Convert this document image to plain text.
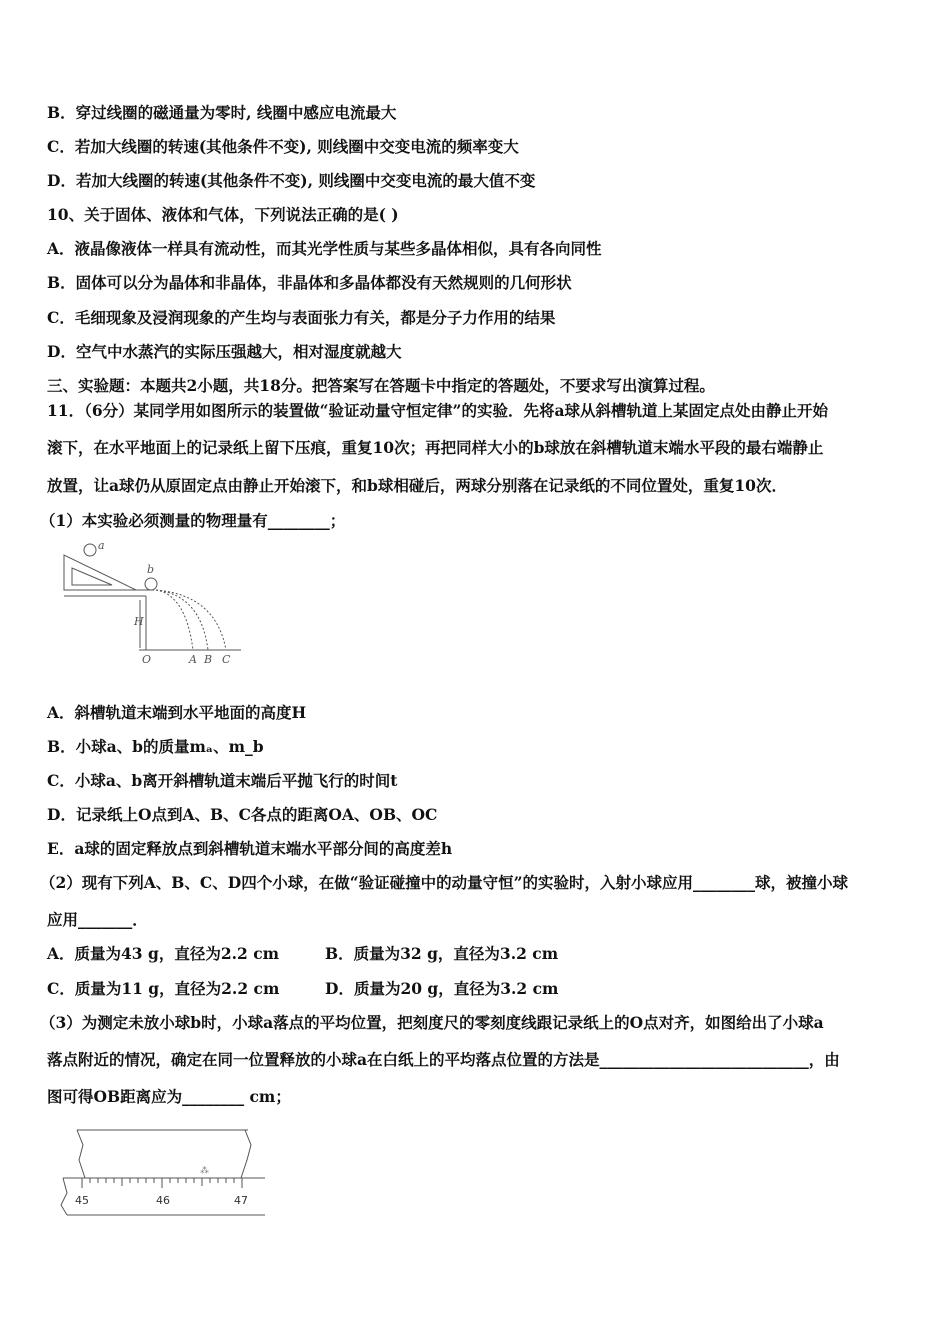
B．穿过线圈的磁通量为零时, 线圈中感应电流最大
C．若加大线圈的转速(其他条件不变), 则线圈中交变电流的频率变大
D．若加大线圈的转速(其他条件不变), 则线圈中交变电流的最大值不变
10、关于固体、液体和气体，下列说法正确的是( )
A．液晶像液体一样具有流动性，而其光学性质与某些多晶体相似，具有各向同性
B．固体可以分为晶体和非晶体，非晶体和多晶体都没有天然规则的几何形状
C．毛细现象及浸润现象的产生均与表面张力有关，都是分子力作用的结果
D．空气中水蒸汽的实际压强越大，相对湿度就越大
三、实验题：本题共2小题，共18分。把答案写在答题卡中指定的答题处，不要求写出演算过程。
11．（6分）某同学用如图所示的装置做“验证动量守恒定律”的实验．先将a球从斜槽轨道上某固定点处由静止开始
滚下，在水平地面上的记录纸上留下压痕，重复10次；再把同样大小的b球放在斜槽轨道末端水平段的最右端静止
放置，让a球仍从原固定点由静止开始滚下，和b球相碰后，两球分别落在记录纸的不同位置处，重复10次．
（1）本实验必须测量的物理量有________；
a
b
H
O	A B C
A．斜槽轨道末端到水平地面的高度H
B．小球a、b的质量mₐ、m_b
C．小球a、b离开斜槽轨道末端后平抛飞行的时间t
D．记录纸上O点到A、B、C各点的距离OA、OB、OC
E．a球的固定释放点到斜槽轨道末端水平部分间的高度差h
（2）现有下列A、B、C、D四个小球，在做“验证碰撞中的动量守恒”的实验时，入射小球应用________球，被撞小球
应用_______．
A．质量为43 g，直径为2.2 cm	B．质量为32 g，直径为3.2 cm
C．质量为11 g，直径为2.2 cm	D．质量为20 g，直径为3.2 cm
（3）为测定未放小球b时，小球a落点的平均位置，把刻度尺的零刻度线跟记录纸上的O点对齐，如图给出了小球a
落点附近的情况，确定在同一位置释放的小球a在白纸上的平均落点位置的方法是___________________________，由
图可得OB距离应为________ cm；
⁂
45	46	47
